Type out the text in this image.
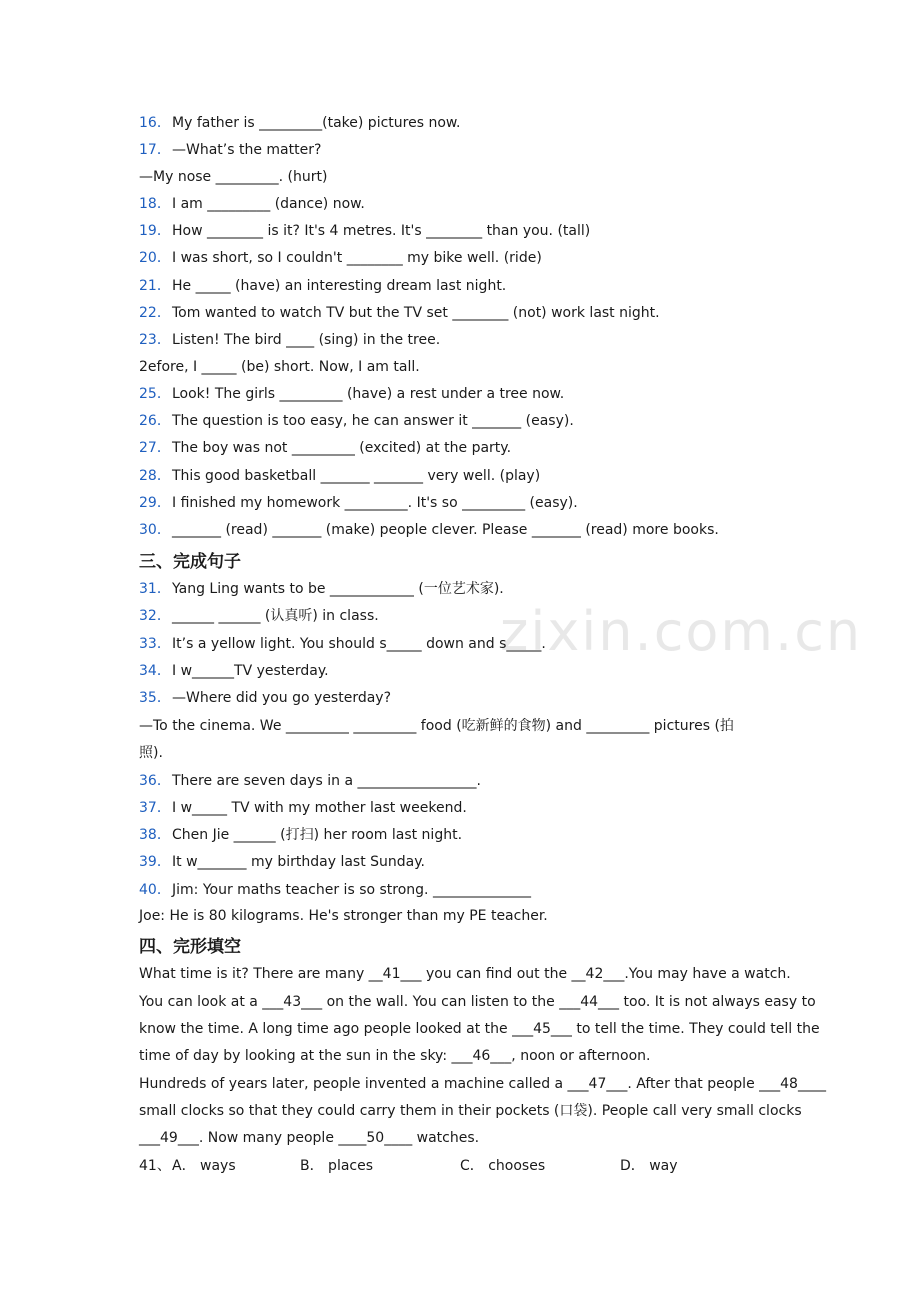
zixin.com.cn
16．My father is _________(take) pictures now.
17．—What’s the matter?
—My nose _________. (hurt)
18．I am _________ (dance) now.
19．How ________ is it? It's 4 metres. It's ________ than you. (tall)
20．I was short, so I couldn't ________ my bike well. (ride)
21．He _____ (have) an interesting dream last night.
22．Tom wanted to watch TV but the TV set ________ (not) work last night.
23．Listen! The bird ____ (sing) in the tree.
2efore, I _____ (be) short. Now, I am tall.
25．Look! The girls _________ (have) a rest under a tree now.
26．The question is too easy, he can answer it _______ (easy).
27．The boy was not _________ (excited) at the party.
28．This good basketball _______ _______ very well. (play)
29．I finished my homework _________. It's so _________ (easy).
30．_______ (read) _______ (make) people clever. Please _______ (read) more books.
三、完成句子
31．Yang Ling wants to be ____________ (一位艺术家).
32．______ ______ (认真听) in class.
33．It’s a yellow light. You should s_____ down and s_____.
34．I w______TV yesterday.
35．—Where did you go yesterday?
—To the cinema. We _________ _________ food (吃新鲜的食物) and _________ pictures (拍
照).
36．There are seven days in a _________________.
37．I w_____ TV with my mother last weekend.
38．Chen Jie ______ (打扫) her room last night.
39．It w_______ my birthday last Sunday.
40．Jim: Your maths teacher is so strong. ______________
Joe: He is 80 kilograms. He's stronger than my PE teacher.
四、完形填空
What time is it? There are many __41___ you can find out the __42___.You may have a watch.
You can look at a ___43___ on the wall. You can listen to the ___44___ too. It is not always easy to
know the time. A long time ago people looked at the ___45___ to tell the time. They could tell the
time of day by looking at the sun in the sky: ___46___, noon or afternoon.
Hundreds of years later, people invented a machine called a ___47___. After that people ___48____
small clocks so that they could carry them in their pockets (口袋). People call very small clocks
___49___. Now many people ____50____ watches.
41、 A． ways	B． places	C． chooses	D． way
